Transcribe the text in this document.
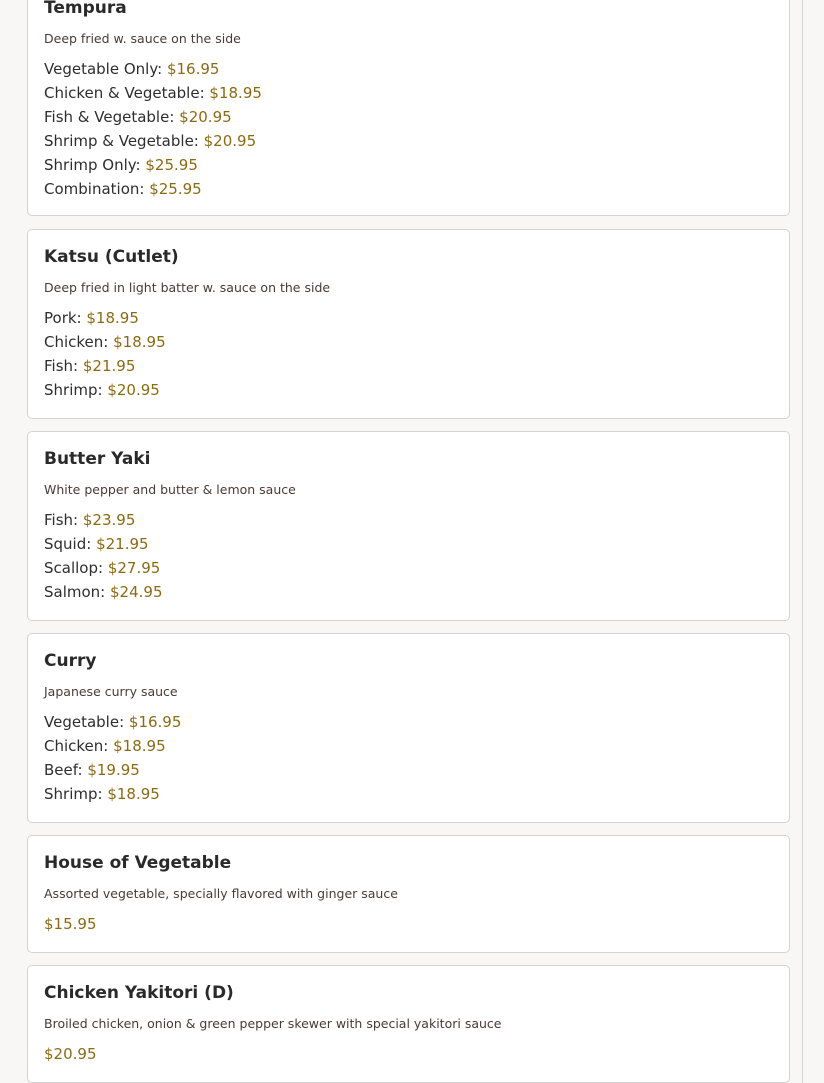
Tempura

Deep fried w. sauce on the side

Vegetable Only: $16.95
Chicken & Vegetable: $18.95
Fish & Vegetable: $20.95
Shrimp & Vegetable: $20.95
Shrimp Only: $25.95
Combination: $25.95
Katsu (Cutlet)

Deep fried in light batter w. sauce on the side

Pork: $18.95
Chicken: $18.95
Fish: $21.95
Shrimp: $20.95
Butter Yaki

White pepper and butter & lemon sauce

Fish: $23.95
Squid: $21.95
Scallop: $27.95
Salmon: $24.95
Curry

Japanese curry sauce

Vegetable: $16.95
Chicken: $18.95
Beef: $19.95
Shrimp: $18.95
House of Vegetable

Assorted vegetable, specially flavored with ginger sauce

$15.95
Chicken Yakitori (D)

Broiled chicken, onion & green pepper skewer with special yakitori sauce

$20.95
